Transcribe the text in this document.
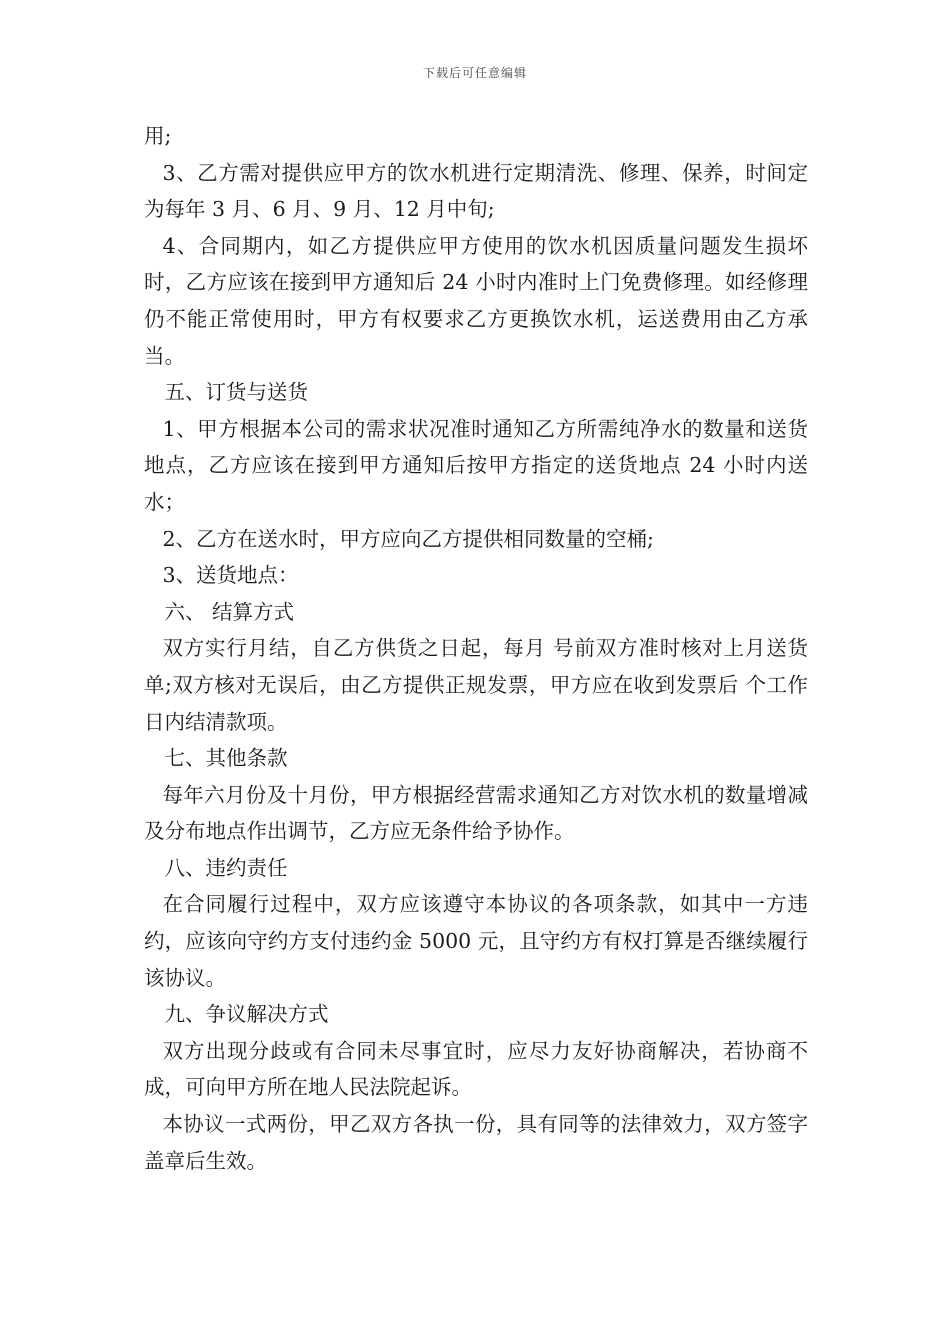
下载后可任意编辑

用;

3、乙方需对提供应甲方的饮水机进行定期清洗、修理、保养，时间定为每年 3 月、6 月、9 月、12 月中旬;

4、合同期内，如乙方提供应甲方使用的饮水机因质量问题发生损坏时，乙方应该在接到甲方通知后 24 小时内准时上门免费修理。如经修理仍不能正常使用时，甲方有权要求乙方更换饮水机，运送费用由乙方承当。

五、订货与送货

1、甲方根据本公司的需求状况准时通知乙方所需纯净水的数量和送货地点，乙方应该在接到甲方通知后按甲方指定的送货地点 24 小时内送水；

2、乙方在送水时，甲方应向乙方提供相同数量的空桶;

3、送货地点：

六、 结算方式

双方实行月结，自乙方供货之日起，每月 号前双方准时核对上月送货单;双方核对无误后，由乙方提供正规发票，甲方应在收到发票后 个工作日内结清款项。

七、其他条款

每年六月份及十月份，甲方根据经营需求通知乙方对饮水机的数量增减及分布地点作出调节，乙方应无条件给予协作。

八、违约责任

在合同履行过程中，双方应该遵守本协议的各项条款，如其中一方违约，应该向守约方支付违约金 5000 元，且守约方有权打算是否继续履行该协议。

九、争议解决方式

双方出现分歧或有合同未尽事宜时，应尽力友好协商解决，若协商不成，可向甲方所在地人民法院起诉。

本协议一式两份，甲乙双方各执一份，具有同等的法律效力，双方签字盖章后生效。
